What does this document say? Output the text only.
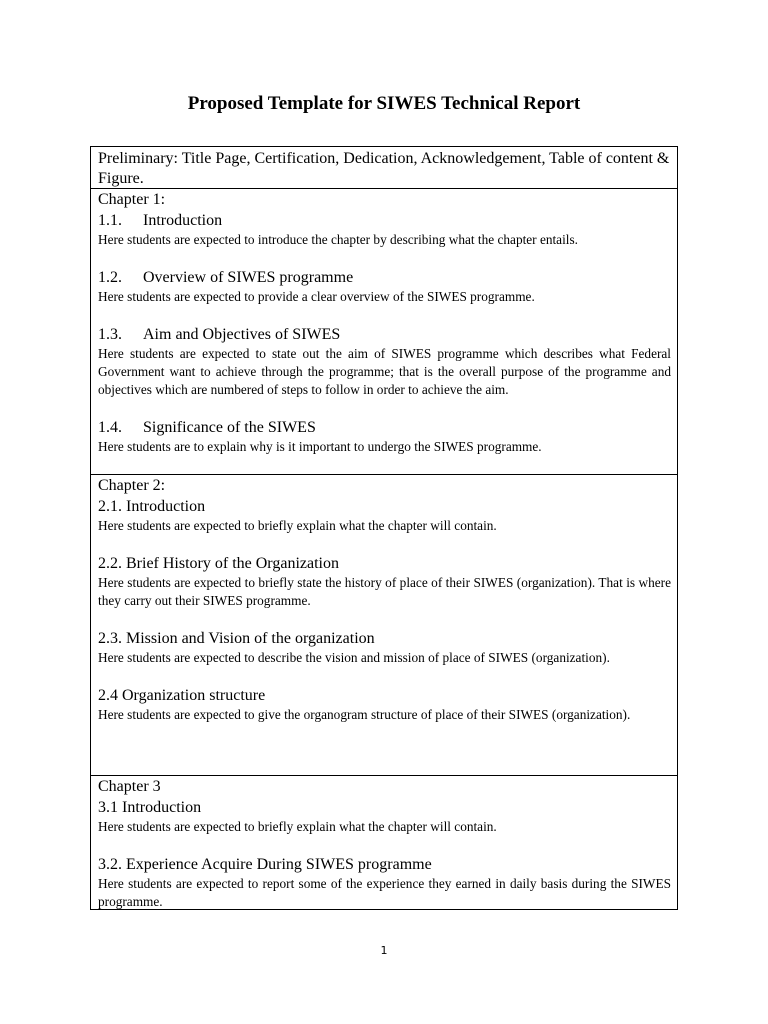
Proposed Template for SIWES Technical Report
Preliminary: Title Page, Certification, Dedication, Acknowledgement, Table of content & Figure.
Chapter 1:
1.1. Introduction
Here students are expected to introduce the chapter by describing what the chapter entails.
1.2. Overview of SIWES programme
Here students are expected to provide a clear overview of the SIWES programme.
1.3. Aim and Objectives of SIWES
Here students are expected to state out the aim of SIWES programme which describes what Federal Government want to achieve through the programme; that is the overall purpose of the programme and objectives which are numbered of steps to follow in order to achieve the aim.
1.4. Significance of the SIWES
Here students are to explain why is it important to undergo the SIWES programme.
Chapter 2:
2.1. Introduction
Here students are expected to briefly explain what the chapter will contain.
2.2. Brief History of the Organization
Here students are expected to briefly state the history of place of their SIWES (organization). That is where they carry out their SIWES programme.
2.3. Mission and Vision of the organization
Here students are expected to describe the vision and mission of place of SIWES (organization).
2.4 Organization structure
Here students are expected to give the organogram structure of place of their SIWES (organization).
Chapter 3
3.1 Introduction
Here students are expected to briefly explain what the chapter will contain.
3.2. Experience Acquire During SIWES programme
Here students are expected to report some of the experience they earned in daily basis during the SIWES programme.
1
